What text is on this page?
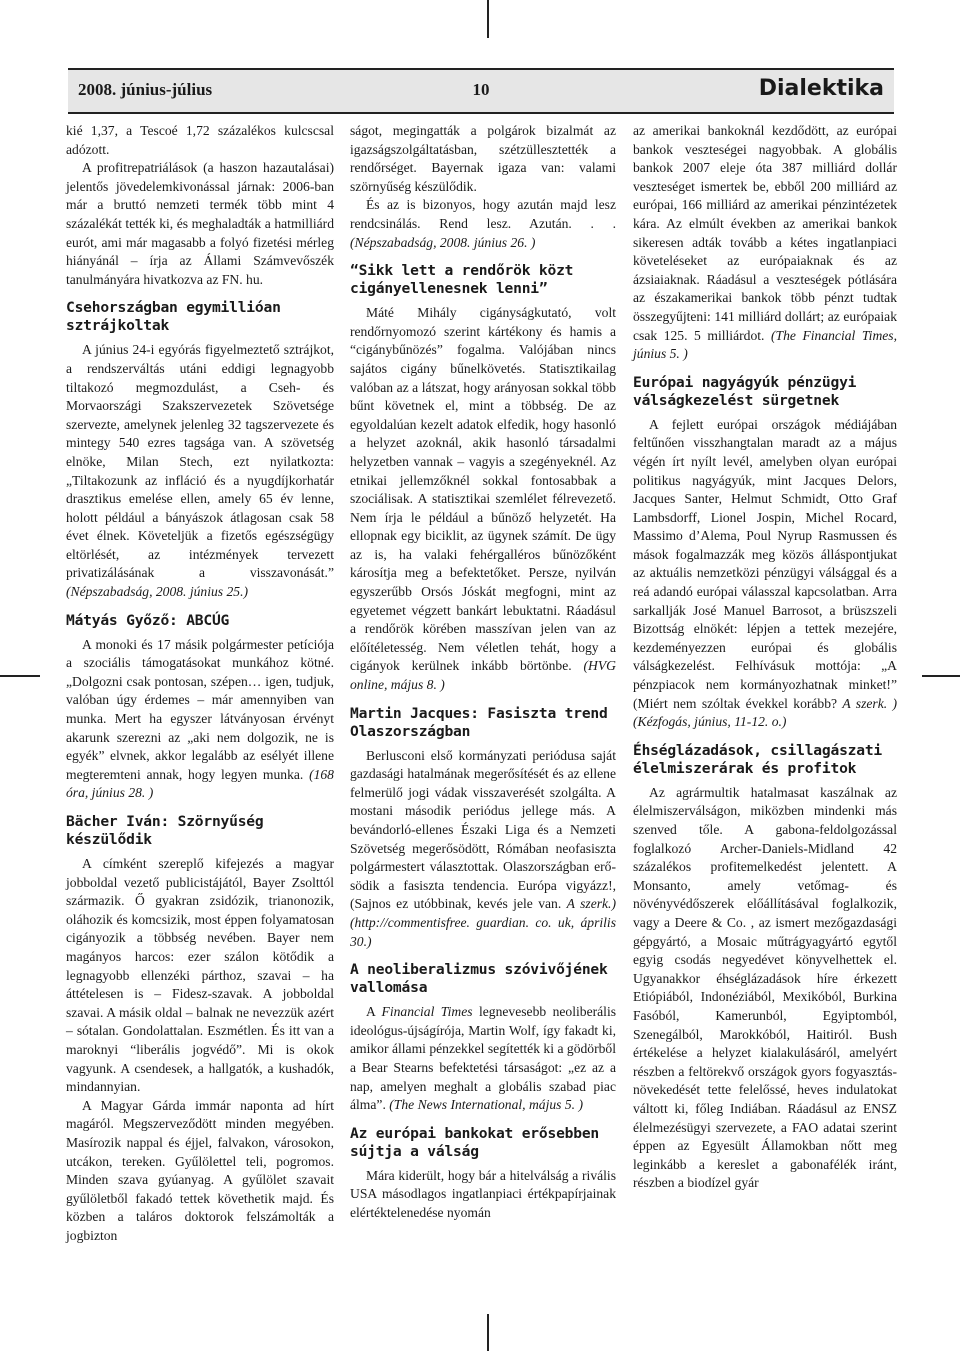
10
2008. június-július	Dialektika

kié 1,37, a Tescoé 1,72 százalékos kulcscsal adózott.

A profitrepatriálások (a haszon hazautalásai) jelentős jövedelemkivonással járnak: 2006-ban már a bruttó nemzeti termék több mint 4 százalékát tették ki, és meghaladták a hatmilliárd eurót, ami már magasabb a folyó fizetési mérleg hiányánál – írja az Állami Számvevőszék tanulmányára hivatkozva az FN. hu.

Csehországban egymillióan sztrájkoltak

A június 24-i egyórás figyelmeztető sztrájkot, a rendszerváltás utáni eddigi legnagyobb tiltakozó megmozdulást, a Cseh- és Morvaországi Szakszervezetek Szövetsége szervezte, amelynek jelenleg 32 tagszervezete és mintegy 540 ezres tagsága van. A szövetség elnöke, Milan Stech, ezt nyilatkozta: „Tiltakozunk az infláció és a nyugdíjkorhatár drasztikus emelése ellen, amely 65 év lenne, holott például a bányászok átlagosan csak 58 évet élnek. Követeljük a fizetős egészségügy eltörlését, az intézmények tervezett privatizálásának a visszavonását.” (Népszabadság, 2008. június 25.)

Mátyás Győző: ABCÚG

A monoki és 17 másik polgármester petíciója a szociális támogatásokat munkához kötné. „Dolgozni csak pontosan, szépen… igen, tudjuk, valóban úgy érdemes – már amennyiben van munka. Mert ha egyszer látványosan érvényt akarunk szerezni az „aki nem dolgozik, ne is egyék” elvnek, akkor legalább az esélyét illene megteremteni annak, hogy legyen munka. (168 óra, június 28. )

Bächer Iván: Szörnyűség készülődik

A címként szereplő kifejezés a magyar jobboldal vezető publicistájától, Bayer Zsolttól származik. Ő gyakran zsidózik, trianonozik, oláhozik és komcsizik, most éppen folyamatosan cigányozik a többség nevében. Bayer nem magányos harcos: ezer szálon kötődik a legnagyobb ellenzéki párthoz, szavai – ha áttételesen is – Fidesz-szavak. A jobboldal szavai. A másik oldal – balnak ne nevezzük azért – sótalan. Gondolattalan. Eszmétlen. És itt van a maroknyi “liberális jogvédő”. Mi is okok vagyunk. A csendesek, a hallgatók, a kushadók, mindannyian.

A Magyar Gárda immár naponta ad hírt magáról. Megszerveződött minden megyében. Masírozik nappal és éjjel, falvakon, városokon, utcákon, tereken. Gyűlölettel teli, pogromos. Minden szava gyúanyag. A gyűlölet szavait gyűlöletből fakadó tettek követhetik majd. És közben a taláros doktorok felszámolták a jogbizton

ságot, megingatták a polgárok bizalmát az igazságszolgáltatásban, szétzüllesztették a rendőrséget. Bayernak igaza van: valami szörnyűség készülődik.

És az is bizonyos, hogy azután majd lesz rendcsinálás. Rend lesz. Azután. . . (Népszabadság, 2008. június 26. )

“Sikk lett a rendőrök közt cigányellenesnek lenni”

Máté Mihály cigányságkutató, volt rendőrnyomozó szerint kártékony és hamis a “cigánybűnözés” fogalma. Valójában nincs sajátos cigány bűnelkövetés. Statisztikailag valóban az a látszat, hogy arányosan sokkal több bűnt követnek el, mint a többség. De az egyoldalúan kezelt adatok elfedik, hogy hasonló a helyzet azoknál, akik hasonló társadalmi helyzetben vannak – vagyis a szegényeknél. Az etnikai jellemzőknél sokkal fontosabbak a szociálisak. A statisztikai szemlélet félrevezető. Nem írja le például a bűnöző helyzetét. Ha ellopnak egy biciklit, az ügynek számít. De ügy az is, ha valaki fehérgalléros bűnözőként károsítja meg a befektetőket. Persze, nyilván egyszerűbb Orsós Jóskát megfogni, mint az egyetemet végzett bankárt lebuktatni. Ráadásul a rendőrök körében masszívan jelen van az előítéletesség. Nem véletlen tehát, hogy a cigányok kerülnek inkább börtönbe. (HVG online, május 8. )

Martin Jacques: Fasiszta trend Olaszországban

Berlusconi első kormányzati periódusa saját gazdasági hatalmának megerősítését és az ellene felmerülő jogi vádak visszaverését szolgálta. A mostani második periódus jellege más. A bevándorló-ellenes Északi Liga és a Nemzeti Szövetség megerősödött, Rómában neofasiszta polgármestert választottak. Olaszországban erősödik a fasiszta tendencia. Európa vigyázz!, (Sajnos ez utóbbinak, kevés jele van. A szerk.) (http://commentisfree. guardian. co. uk, április 30.)

A neoliberalizmus szóvivőjének vallomása

A Financial Times legnevesebb neoliberális ideológus-újságírója, Martin Wolf, így fakadt ki, amikor állami pénzekkel segítették ki a gödörből a Bear Stearns befektetési társaságot: „ez az a nap, amelyen meghalt a globális szabad piac álma”. (The News International, május 5. )

Az európai bankokat erősebben sújtja a válság

Mára kiderült, hogy bár a hitelválság a rivális USA másodlagos ingatlanpiaci értékpapírjainak elértéktelenedése nyomán

az amerikai bankoknál kezdődött, az európai bankok veszteségei nagyobbak. A globális bankok 2007 eleje óta 387 milliárd dollár veszteséget ismertek be, ebből 200 milliárd az európai, 166 milliárd az amerikai pénzintézetek kára. Az elmúlt években az amerikai bankok sikeresen adták tovább a kétes ingatlanpiaci követeléseket az európaiaknak és az ázsiaiaknak. Ráadásul a veszteségek pótlására az északamerikai bankok több pénzt tudtak összegyűjteni: 141 milliárd dollárt; az európaiak csak 125. 5 milliárdot. (The Financial Times, június 5. )

Európai nagyágyúk pénzügyi válságkezelést sürgetnek

A fejlett európai országok médiájában feltűnően visszhangtalan maradt az a május végén írt nyílt levél, amelyben olyan európai politikus nagyágyúk, mint Jacques Delors, Jacques Santer, Helmut Schmidt, Otto Graf Lambsdorff, Lionel Jospin, Michel Rocard, Massimo d’Alema, Poul Nyrup Rasmussen és mások fogalmazzák meg közös álláspontjukat az aktuális nemzetközi pénzügyi válsággal és a reá adandó európai válasszal kapcsolatban. Arra sarkallják José Manuel Barrosot, a brüszszeli Bizottság elnökét: lépjen a tettek mezejére, kezdeményezzen európai és globális válságkezelést. Felhívásuk mottója: „A pénzpiacok nem kormányozhatnak minket!” (Miért nem szóltak évekkel korább? A szerk. ) (Kézfogás, június, 11-12. o.)

Éhséglázadások, csillagászati élelmiszerárak és profitok

Az agrármultik hatalmasat kaszálnak az élelmiszerválságon, miközben mindenki más szenved tőle. A gabona-feldolgozással foglalkozó Archer-Daniels-Midland 42 százalékos profitemelkedést jelentett. A Monsanto, amely vetőmag- és növényvédőszerek előállításával foglalkozik, vagy a Deere & Co. , az ismert mezőgazdasági gépgyártó, a Mosaic műtrágyagyártó egytől egyig csodás negyedévet könyvelhettek el. Ugyanakkor éhséglázadások híre érkezett Etiópiából, Indonéziából, Mexikóból, Burkina Fasóból, Kamerunból, Egyiptomból, Szenegálból, Marokkóból, Haitiról. Bush értékelése a helyzet kialakulásáról, amelyért részben a feltörekvő országok gyors fogyasztásnövekedését tette felelőssé, heves indulatokat váltott ki, főleg Indiában. Ráadásul az ENSZ élelmezésügyi szervezete, a FAO adatai szerint éppen az Egyesült Államokban nőtt meg leginkább a kereslet a gabonafélék iránt, részben a biodízel gyár
